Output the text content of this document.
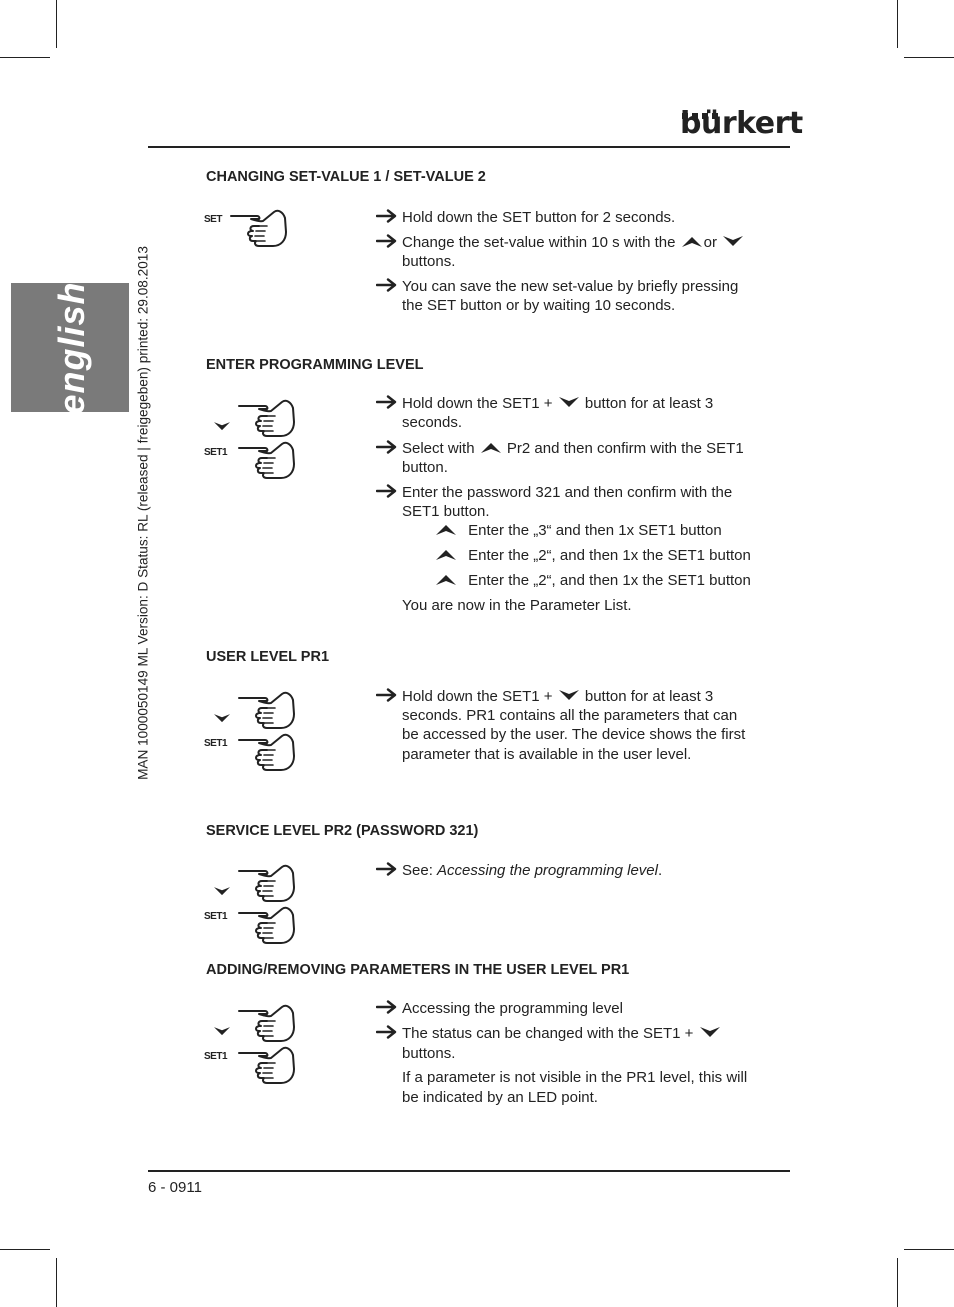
bürkert
english	MAN 1000050149 ML Version: D Status: RL (released | freigegeben) printed: 29.08.2013
CHANGING SET-VALUE 1 / SET-VALUE 2
SET	Hold down the SET button for 2 seconds.
Change the set-value within 10 s with the or
buttons.
You can save the new set-value by briefly pressing
the SET button or by waiting 10 seconds.
ENTER PROGRAMMING LEVEL
SET1
Hold down the SET1 + button for at least 3
seconds.
Select with Pr2 and then confirm with the SET1
button.
Enter the password 321 and then confirm with the
SET1 button.
Enter the „3“ and then 1x SET1 button
Enter the „2“, and then 1x the SET1 button
Enter the „2“, and then 1x the SET1 button
You are now in the Parameter List.
USER LEVEL PR1
SET1
Hold down the SET1 + button for at least 3
seconds. PR1 contains all the parameters that can
be accessed by the user. The device shows the first
parameter that is available in the user level.
SERVICE LEVEL PR2 (PASSWORD 321)
SET1
See: Accessing the programming level.
ADDING/REMOVING PARAMETERS IN THE USER LEVEL PR1
SET1
Accessing the programming level
The status can be changed with the SET1 +
buttons.
If a parameter is not visible in the PR1 level, this will
be indicated by an LED point.
6 - 0911
